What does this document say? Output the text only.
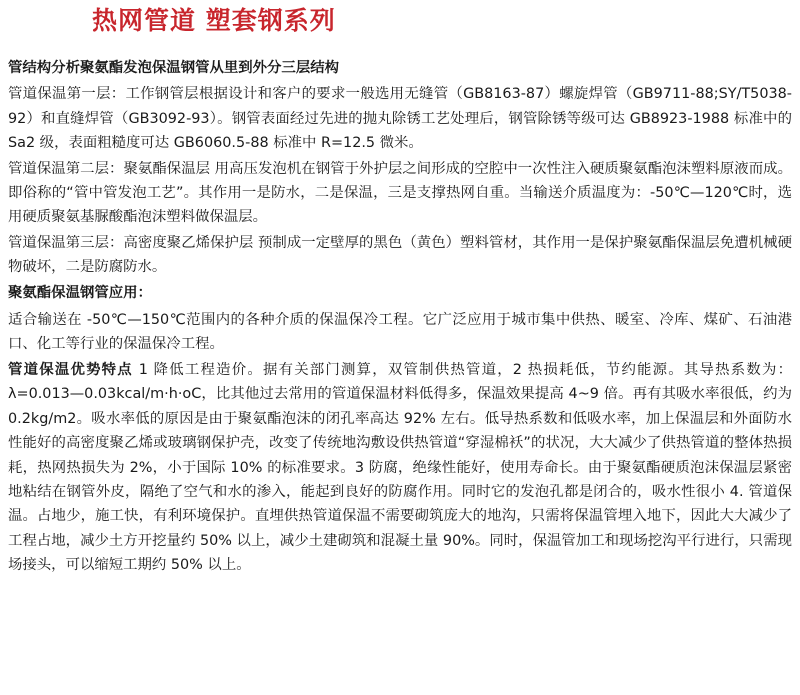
热网管道 塑套钢系列

管结构分析聚氨酯发泡保温钢管从里到外分三层结构

管道保温第一层：工作钢管层根据设计和客户的要求一般选用无缝管（GB8163-87）螺旋焊管（GB9711-88;SY/T5038-92）和直缝焊管（GB3092-93）。钢管表面经过先进的抛丸除锈工艺处理后，钢管除锈等级可达 GB8923-1988 标准中的 Sa2 级，表面粗糙度可达 GB6060.5-88 标准中 R=12.5 微米。

管道保温第二层：聚氨酯保温层 用高压发泡机在钢管于外护层之间形成的空腔中一次性注入硬质聚氨酯泡沫塑料原液而成。即俗称的“管中管发泡工艺”。其作用一是防水，二是保温，三是支撑热网自重。当输送介质温度为：-50℃—120℃时，选用硬质聚氨基脲酸酯泡沫塑料做保温层。

管道保温第三层：高密度聚乙烯保护层 预制成一定壁厚的黑色（黄色）塑料管材，其作用一是保护聚氨酯保温层免遭机械硬物破坏，二是防腐防水。

聚氨酯保温钢管应用：

适合输送在 -50℃—150℃范围内的各种介质的保温保冷工程。它广泛应用于城市集中供热、暖室、冷库、煤矿、石油港口、化工等行业的保温保冷工程。

管道保温优势特点 1 降低工程造价。据有关部门测算，双管制供热管道，2 热损耗低，节约能源。其导热系数为：λ=0.013—0.03kcal/m·h·oC，比其他过去常用的管道保温材料低得多，保温效果提高 4~9 倍。再有其吸水率很低，约为 0.2kg/m2。吸水率低的原因是由于聚氨酯泡沫的闭孔率高达 92% 左右。低导热系数和低吸水率，加上保温层和外面防水性能好的高密度聚乙烯或玻璃钢保护壳，改变了传统地沟敷设供热管道“穿湿棉袄”的状况，大大减少了供热管道的整体热损耗，热网热损失为 2%，小于国际 10% 的标准要求。3 防腐，绝缘性能好，使用寿命长。由于聚氨酯硬质泡沫保温层紧密地粘结在钢管外皮，隔绝了空气和水的渗入，能起到良好的防腐作用。同时它的发泡孔都是闭合的，吸水性很小 4. 管道保温。占地少，施工快，有利环境保护。直埋供热管道保温不需要砌筑庞大的地沟，只需将保温管埋入地下，因此大大减少了工程占地，减少土方开挖量约 50% 以上，减少土建砌筑和混凝土量 90%。同时，保温管加工和现场挖沟平行进行，只需现场接头，可以缩短工期约 50% 以上。
